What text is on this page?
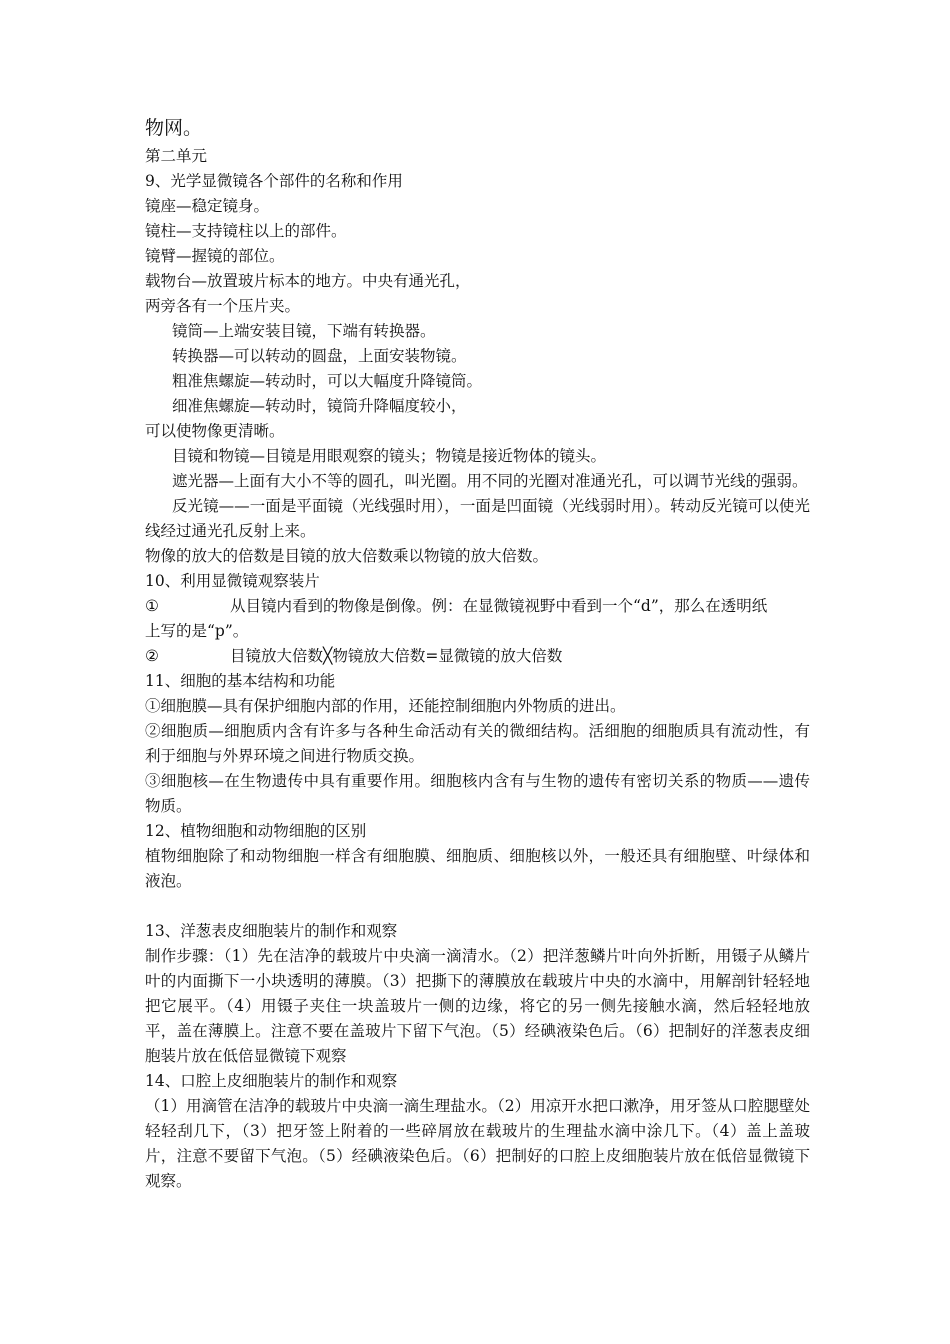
物网。
第二单元
9、光学显微镜各个部件的名称和作用
镜座—稳定镜身。
镜柱—支持镜柱以上的部件。
镜臂—握镜的部位。
载物台—放置玻片标本的地方。中央有通光孔，
两旁各有一个压片夹。
镜筒—上端安装目镜，下端有转换器。
转换器—可以转动的圆盘，上面安装物镜。
粗准焦螺旋—转动时，可以大幅度升降镜筒。
细准焦螺旋—转动时，镜筒升降幅度较小，
可以使物像更清晰。
目镜和物镜—目镜是用眼观察的镜头；物镜是接近物体的镜头。
遮光器—上面有大小不等的圆孔，叫光圈。用不同的光圈对准通光孔，可以调节光线的强弱。
反光镜——一面是平面镜（光线强时用），一面是凹面镜（光线弱时用）。转动反光镜可以使光线经过通光孔反射上来。
物像的放大的倍数是目镜的放大倍数乘以物镜的放大倍数。
10、利用显微镜观察装片
①	从目镜内看到的物像是倒像。例：在显微镜视野中看到一个“d”，那么在透明纸
上写的是“p”。
②	目镜放大倍数╳物镜放大倍数=显微镜的放大倍数
11、细胞的基本结构和功能
①细胞膜—具有保护细胞内部的作用，还能控制细胞内外物质的进出。
②细胞质—细胞质内含有许多与各种生命活动有关的微细结构。活细胞的细胞质具有流动性，有利于细胞与外界环境之间进行物质交换。
③细胞核—在生物遗传中具有重要作用。细胞核内含有与生物的遗传有密切关系的物质——遗传物质。
12、植物细胞和动物细胞的区别
植物细胞除了和动物细胞一样含有细胞膜、细胞质、细胞核以外，一般还具有细胞壁、叶绿体和液泡。
13、洋葱表皮细胞装片的制作和观察
制作步骤：（1）先在洁净的载玻片中央滴一滴清水。（2）把洋葱鳞片叶向外折断，用镊子从鳞片叶的内面撕下一小块透明的薄膜。（3）把撕下的薄膜放在载玻片中央的水滴中，用解剖针轻轻地把它展平。（4）用镊子夹住一块盖玻片一侧的边缘，将它的另一侧先接触水滴，然后轻轻地放平，盖在薄膜上。注意不要在盖玻片下留下气泡。（5）经碘液染色后。（6）把制好的洋葱表皮细胞装片放在低倍显微镜下观察
14、口腔上皮细胞装片的制作和观察
（1）用滴管在洁净的载玻片中央滴一滴生理盐水。（2）用凉开水把口漱净，用牙签从口腔腮壁处轻轻刮几下，（3）把牙签上附着的一些碎屑放在载玻片的生理盐水滴中涂几下。（4）盖上盖玻片，注意不要留下气泡。（5）经碘液染色后。（6）把制好的口腔上皮细胞装片放在低倍显微镜下观察。
